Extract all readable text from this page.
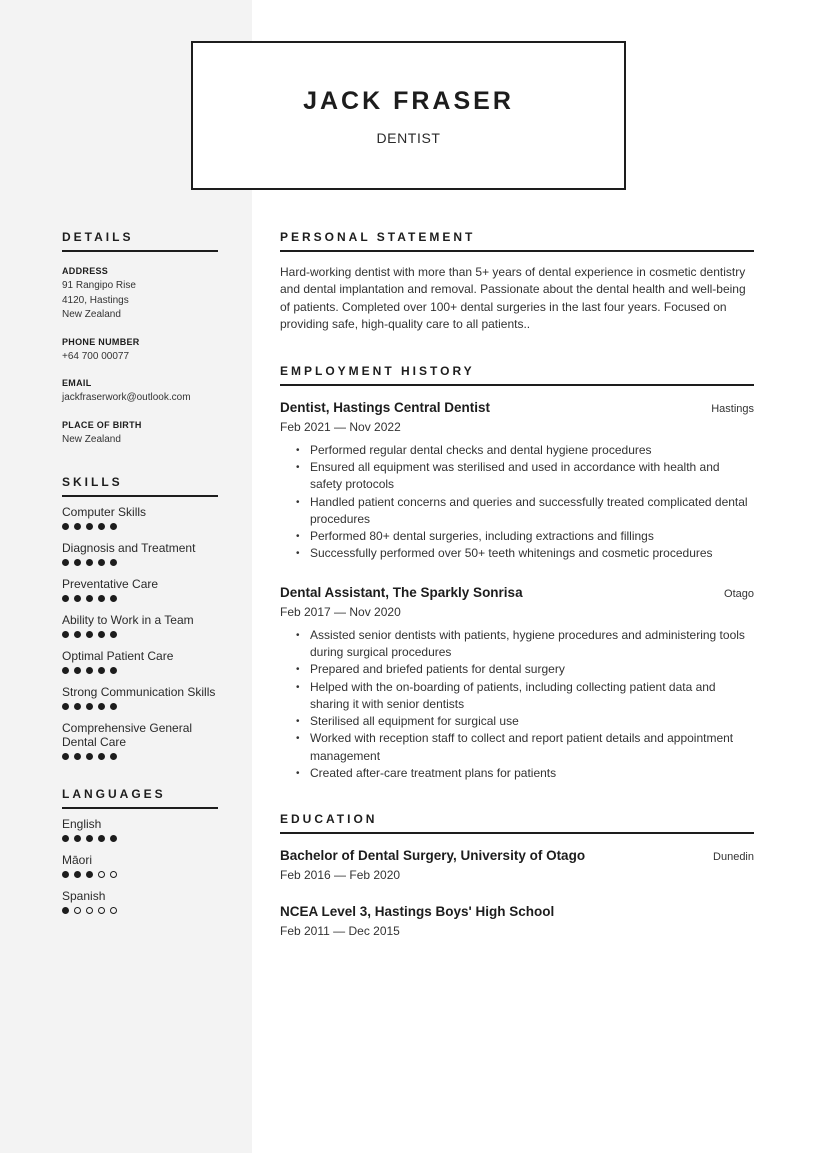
JACK FRASER
DENTIST
DETAILS
ADDRESS
91 Rangipo Rise
4120, Hastings
New Zealand
PHONE NUMBER
+64 700 00077
EMAIL
jackfraserwork@outlook.com
PLACE OF BIRTH
New Zealand
SKILLS
Computer Skills
Diagnosis and Treatment
Preventative Care
Ability to Work in a Team
Optimal Patient Care
Strong Communication Skills
Comprehensive General Dental Care
LANGUAGES
English
Māori
Spanish
PERSONAL STATEMENT
Hard-working dentist with more than 5+ years of dental experience in cosmetic dentistry and dental implantation and removal. Passionate about the dental health and well-being of patients. Completed over 100+ dental surgeries in the last four years. Focused on providing safe, high-quality care to all patients..
EMPLOYMENT HISTORY
Dentist, Hastings Central Dentist	Hastings
Feb 2021 — Nov 2022
• Performed regular dental checks and dental hygiene procedures
• Ensured all equipment was sterilised and used in accordance with health and safety protocols
• Handled patient concerns and queries and successfully treated complicated dental procedures
• Performed 80+ dental surgeries, including extractions and fillings
• Successfully performed over 50+ teeth whitenings and cosmetic procedures
Dental Assistant, The Sparkly Sonrisa	Otago
Feb 2017 — Nov 2020
• Assisted senior dentists with patients, hygiene procedures and administering tools during surgical procedures
• Prepared and briefed patients for dental surgery
• Helped with the on-boarding of patients, including collecting patient data and sharing it with senior dentists
• Sterilised all equipment for surgical use
• Worked with reception staff to collect and report patient details and appointment management
• Created after-care treatment plans for patients
EDUCATION
Bachelor of Dental Surgery, University of Otago	Dunedin
Feb 2016 — Feb 2020
NCEA Level 3, Hastings Boys' High School
Feb 2011 — Dec 2015
